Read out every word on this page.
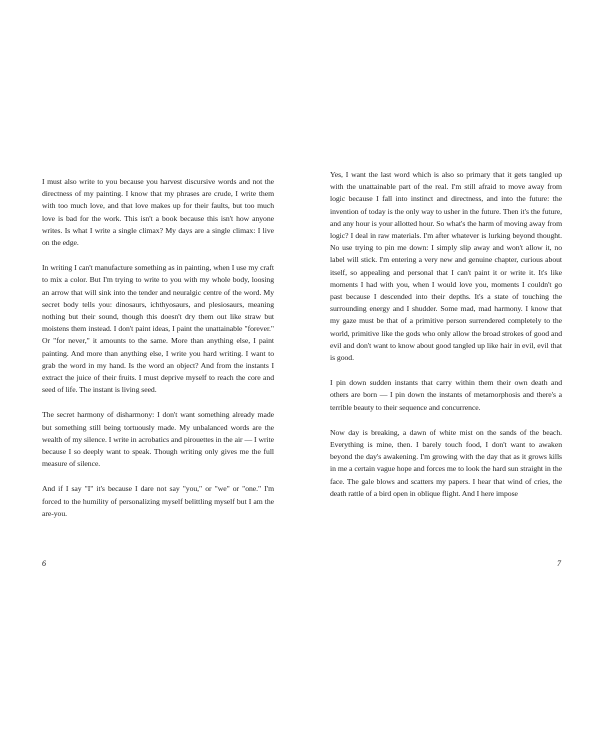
I must also write to you because you harvest discursive words and not the directness of my painting. I know that my phrases are crude, I write them with too much love, and that love makes up for their faults, but too much love is bad for the work. This isn't a book because this isn't how anyone writes. Is what I write a single climax? My days are a single climax: I live on the edge.

In writing I can't manufacture something as in painting, when I use my craft to mix a color. But I'm trying to write to you with my whole body, loosing an arrow that will sink into the tender and neuralgic centre of the word. My secret body tells you: dinosaurs, ichthyosaurs, and plesiosaurs, meaning nothing but their sound, though this doesn't dry them out like straw but moistens them instead. I don't paint ideas, I paint the unattainable "forever." Or "for never," it amounts to the same. More than anything else, I paint painting. And more than anything else, I write you hard writing. I want to grab the word in my hand. Is the word an object? And from the instants I extract the juice of their fruits. I must deprive myself to reach the core and seed of life. The instant is living seed.

The secret harmony of disharmony: I don't want something already made but something still being tortuously made. My unbalanced words are the wealth of my silence. I write in acrobatics and pirouettes in the air — I write because I so deeply want to speak. Though writing only gives me the full measure of silence.

And if I say "I" it's because I dare not say "you," or "we" or "one." I'm forced to the humility of personalizing myself belittling myself but I am the are-you.

6

Yes, I want the last word which is also so primary that it gets tangled up with the unattainable part of the real. I'm still afraid to move away from logic because I fall into instinct and directness, and into the future: the invention of today is the only way to usher in the future. Then it's the future, and any hour is your allotted hour. So what's the harm of moving away from logic? I deal in raw materials. I'm after whatever is lurking beyond thought. No use trying to pin me down: I simply slip away and won't allow it, no label will stick. I'm entering a very new and genuine chapter, curious about itself, so appealing and personal that I can't paint it or write it. It's like moments I had with you, when I would love you, moments I couldn't go past because I descended into their depths. It's a state of touching the surrounding energy and I shudder. Some mad, mad harmony. I know that my gaze must be that of a primitive person surrendered completely to the world, primitive like the gods who only allow the broad strokes of good and evil and don't want to know about good tangled up like hair in evil, evil that is good.

I pin down sudden instants that carry within them their own death and others are born — I pin down the instants of metamorphosis and there's a terrible beauty to their sequence and concurrence.

Now day is breaking, a dawn of white mist on the sands of the beach. Everything is mine, then. I barely touch food, I don't want to awaken beyond the day's awakening. I'm growing with the day that as it grows kills in me a certain vague hope and forces me to look the hard sun straight in the face. The gale blows and scatters my papers. I hear that wind of cries, the death rattle of a bird open in oblique flight. And I here impose

7
